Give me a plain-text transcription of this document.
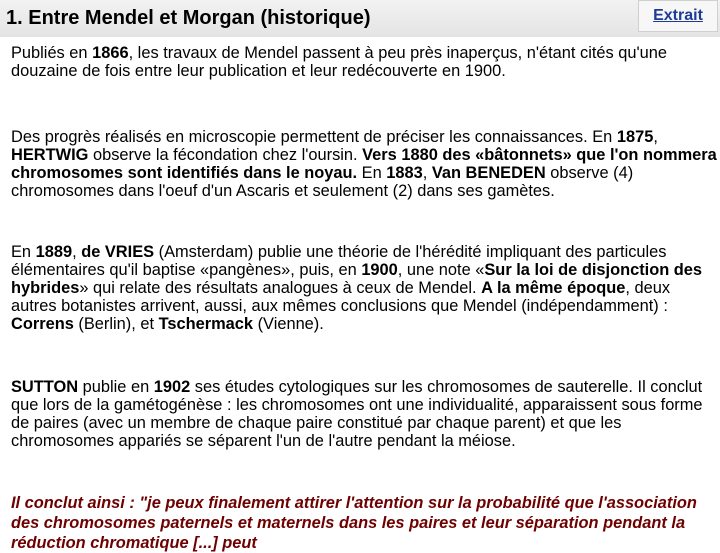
1. Entre Mendel et Morgan (historique)	Extrait

Publiés en 1866, les travaux de Mendel passent à peu près inaperçus, n'étant cités qu'une douzaine de fois entre leur publication et leur redécouverte en 1900.

Des progrès réalisés en microscopie permettent de préciser les connaissances. En 1875, HERTWIG observe la fécondation chez l'oursin. Vers 1880 des «bâtonnets» que l'on nommera chromosomes sont identifiés dans le noyau. En 1883, Van BENEDEN observe (4) chromosomes dans l'oeuf d'un Ascaris et seulement (2) dans ses gamètes.

En 1889, de VRIES (Amsterdam) publie une théorie de l'hérédité impliquant des particules élémentaires qu'il baptise «pangènes», puis, en 1900, une note «Sur la loi de disjonction des hybrides» qui relate des résultats analogues à ceux de Mendel. A la même époque, deux autres botanistes arrivent, aussi, aux mêmes conclusions que Mendel (indépendamment) : Correns (Berlin), et Tschermack (Vienne).

SUTTON publie en 1902 ses études cytologiques sur les chromosomes de sauterelle. Il conclut que lors de la gamétogénèse : les chromosomes ont une individualité, apparaissent sous forme de paires (avec un membre de chaque paire constitué par chaque parent) et que les chromosomes appariés se séparent l'un de l'autre pendant la méiose.

Il conclut ainsi : "je peux finalement attirer l'attention sur la probabilité que l'association des chromosomes paternels et maternels dans les paires et leur séparation pendant la réduction chromatique [...] peut
